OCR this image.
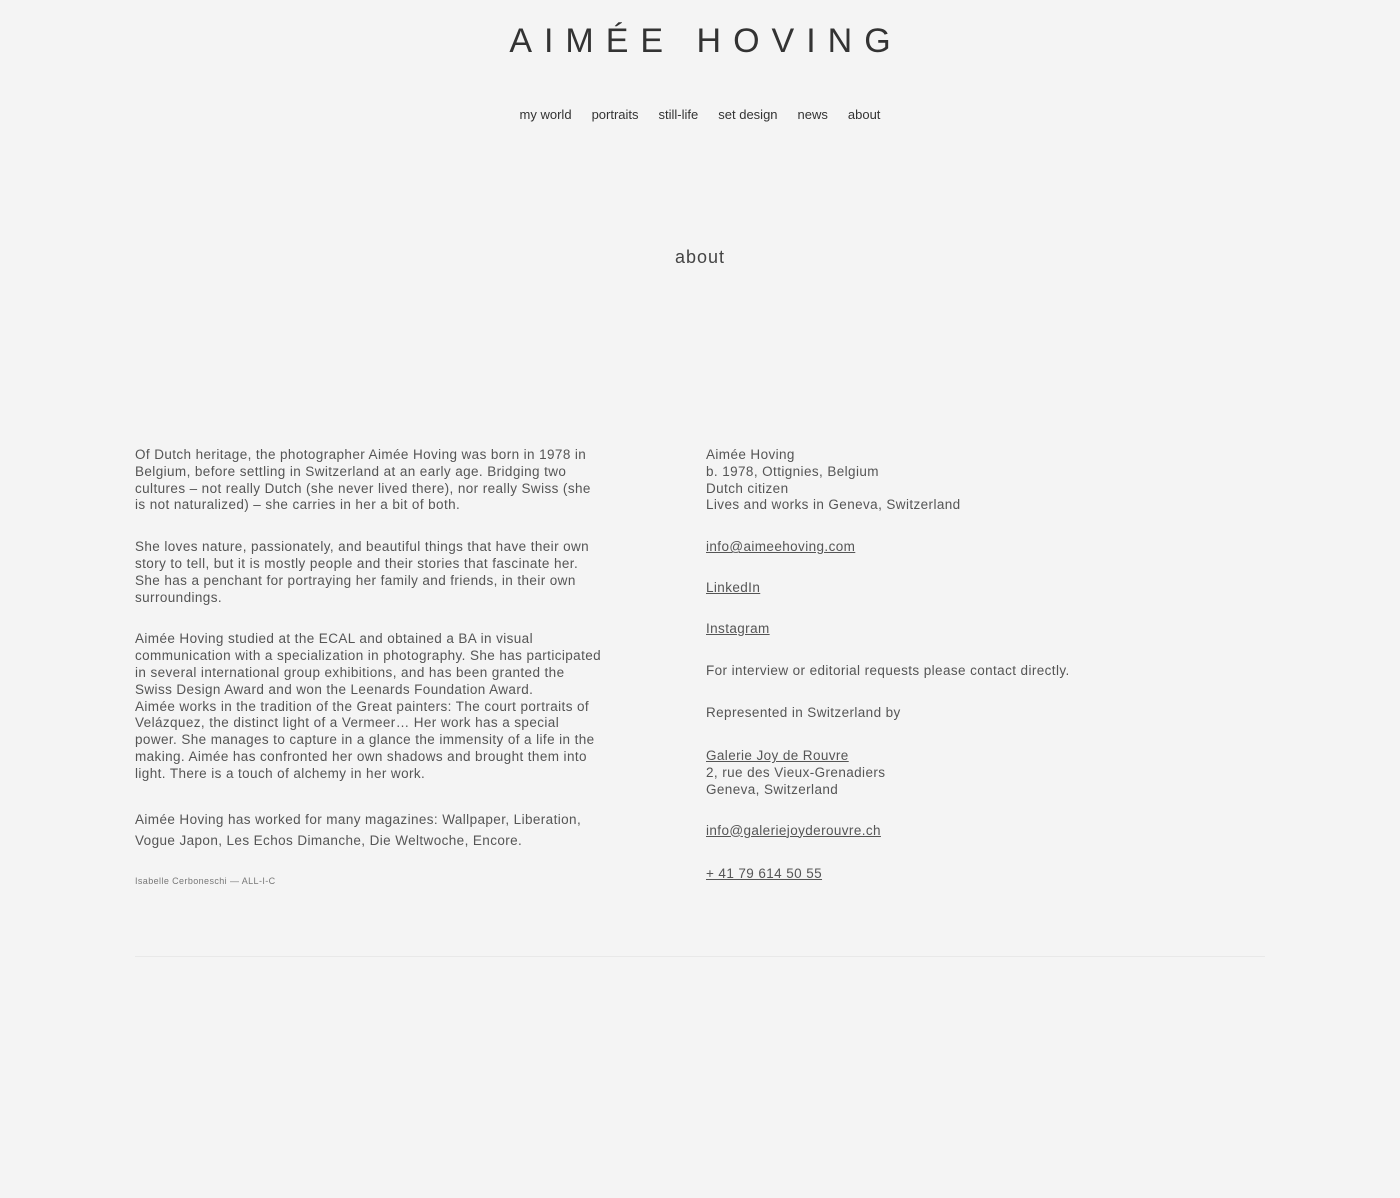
AIMÉE HOVING
my world portraits still-life set design news about
about

Of Dutch heritage, the photographer Aimée Hoving was born in 1978 in Belgium, before settling in Switzerland at an early age. Bridging two cultures – not really Dutch (she never lived there), nor really Swiss (she is not naturalized) – she carries in her a bit of both.

She loves nature, passionately, and beautiful things that have their own story to tell, but it is mostly people and their stories that fascinate her. She has a penchant for portraying her family and friends, in their own surroundings.

Aimée Hoving studied at the ECAL and obtained a BA in visual communication with a specialization in photography. She has participated in several international group exhibitions, and has been granted the Swiss Design Award and won the Leenards Foundation Award.

Aimée works in the tradition of the Great painters: The court portraits of Velázquez, the distinct light of a Vermeer… Her work has a special power. She manages to capture in a glance the immensity of a life in the making. Aimée has confronted her own shadows and brought them into light. There is a touch of alchemy in her work.

Aimée Hoving has worked for many magazines: Wallpaper, Liberation, Vogue Japon, Les Echos Dimanche, Die Weltwoche, Encore.

Isabelle Cerboneschi — ALL-I-C
Aimée Hoving
b. 1978, Ottignies, Belgium
Dutch citizen
Lives and works in Geneva, Switzerland
info@aimeehoving.com
LinkedIn
Instagram
For interview or editorial requests please contact directly.
Represented in Switzerland by
Galerie Joy de Rouvre
2, rue des Vieux-Grenadiers
Geneva, Switzerland
info@galeriejoyderouvre.ch
+ 41 79 614 50 55
